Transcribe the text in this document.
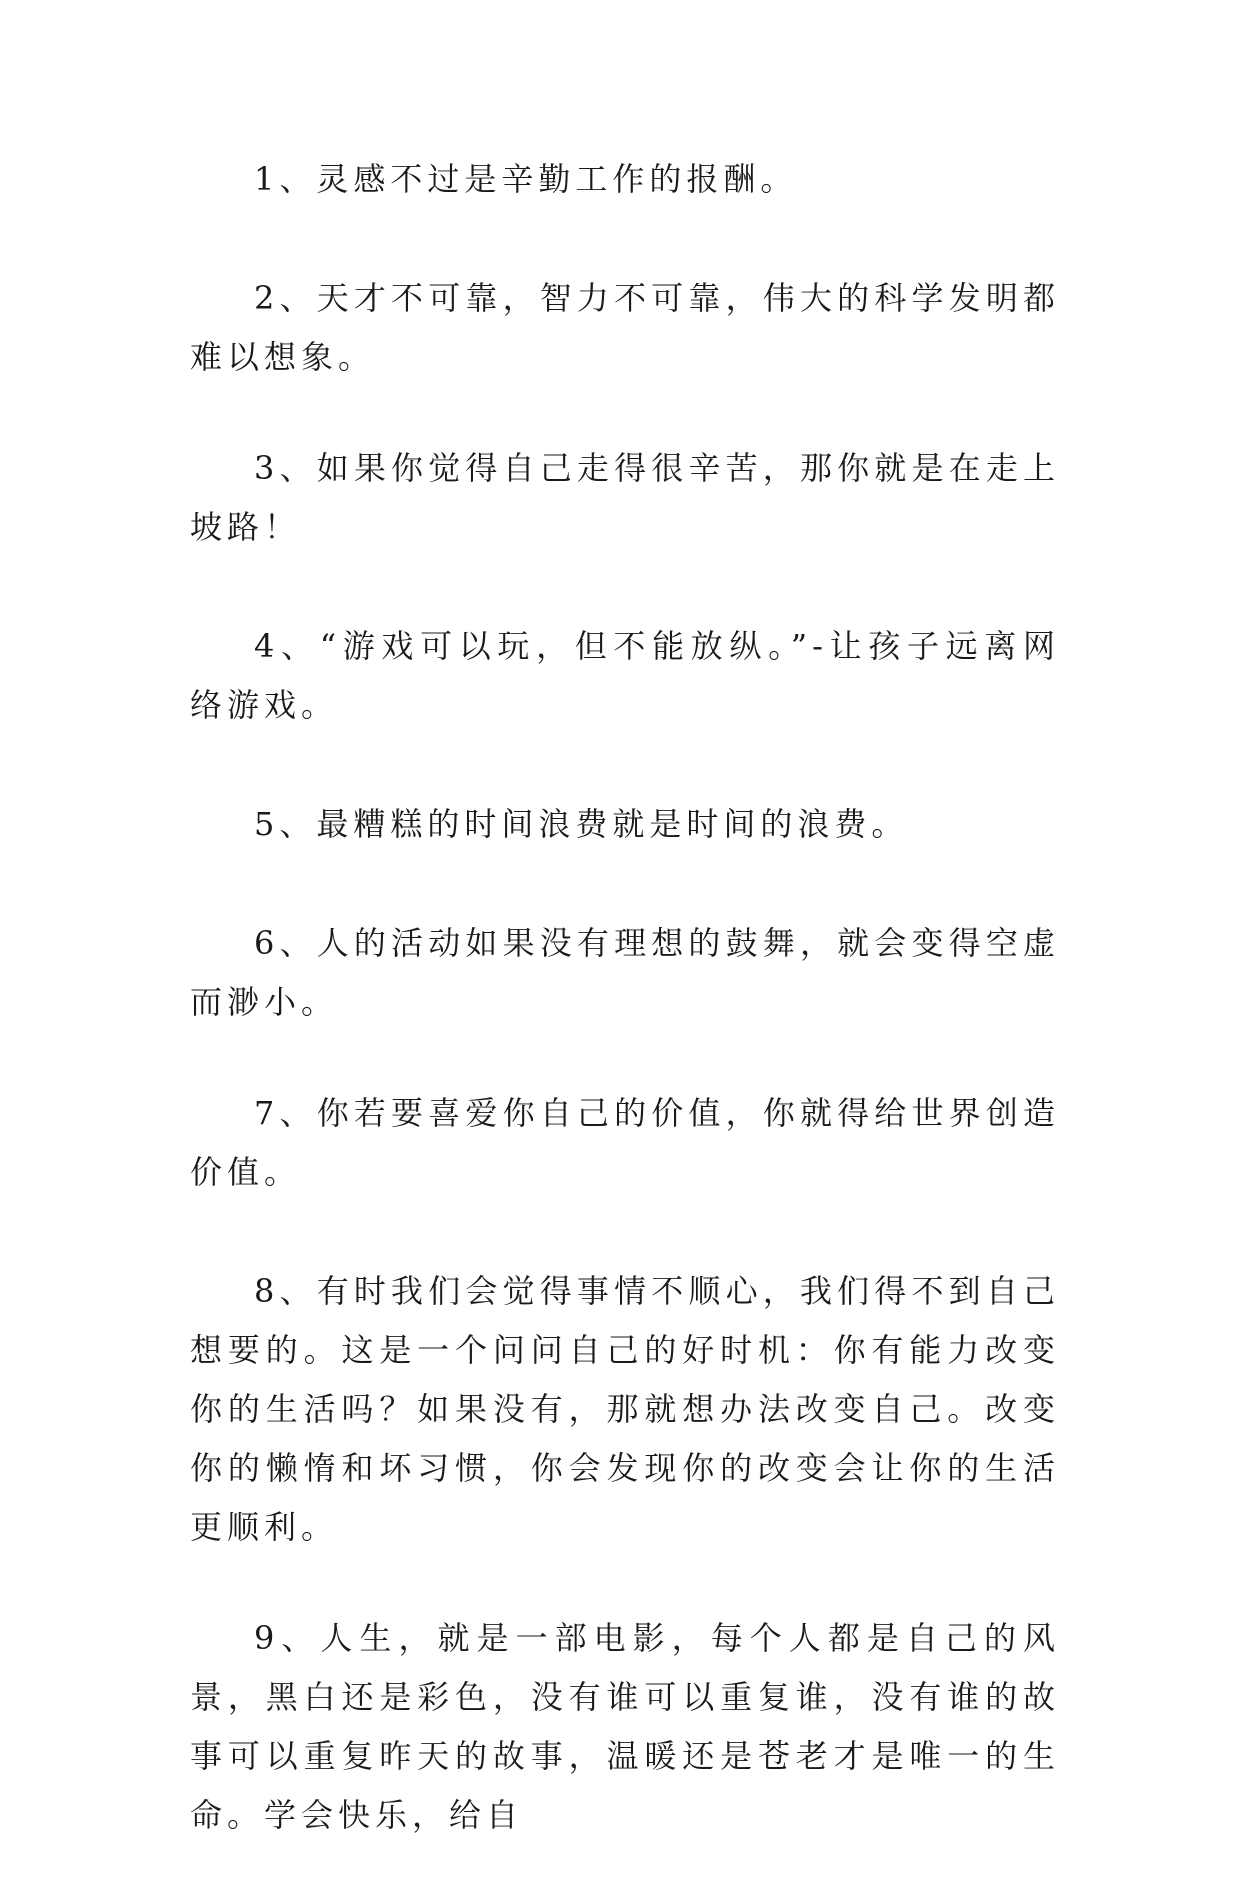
1、灵感不过是辛勤工作的报酬。

2、天才不可靠，智力不可靠，伟大的科学发明都难以想象。

3、如果你觉得自己走得很辛苦，那你就是在走上坡路！

4、“游戏可以玩，但不能放纵。”-让孩子远离网络游戏。

5、最糟糕的时间浪费就是时间的浪费。

6、人的活动如果没有理想的鼓舞，就会变得空虚而渺小。

7、你若要喜爱你自己的价值，你就得给世界创造价值。

8、有时我们会觉得事情不顺心，我们得不到自己想要的。这是一个问问自己的好时机：你有能力改变你的生活吗？如果没有，那就想办法改变自己。改变你的懒惰和坏习惯，你会发现你的改变会让你的生活更顺利。

9、人生，就是一部电影，每个人都是自己的风景，黑白还是彩色，没有谁可以重复谁，没有谁的故事可以重复昨天的故事，温暖还是苍老才是唯一的生命。学会快乐，给自
